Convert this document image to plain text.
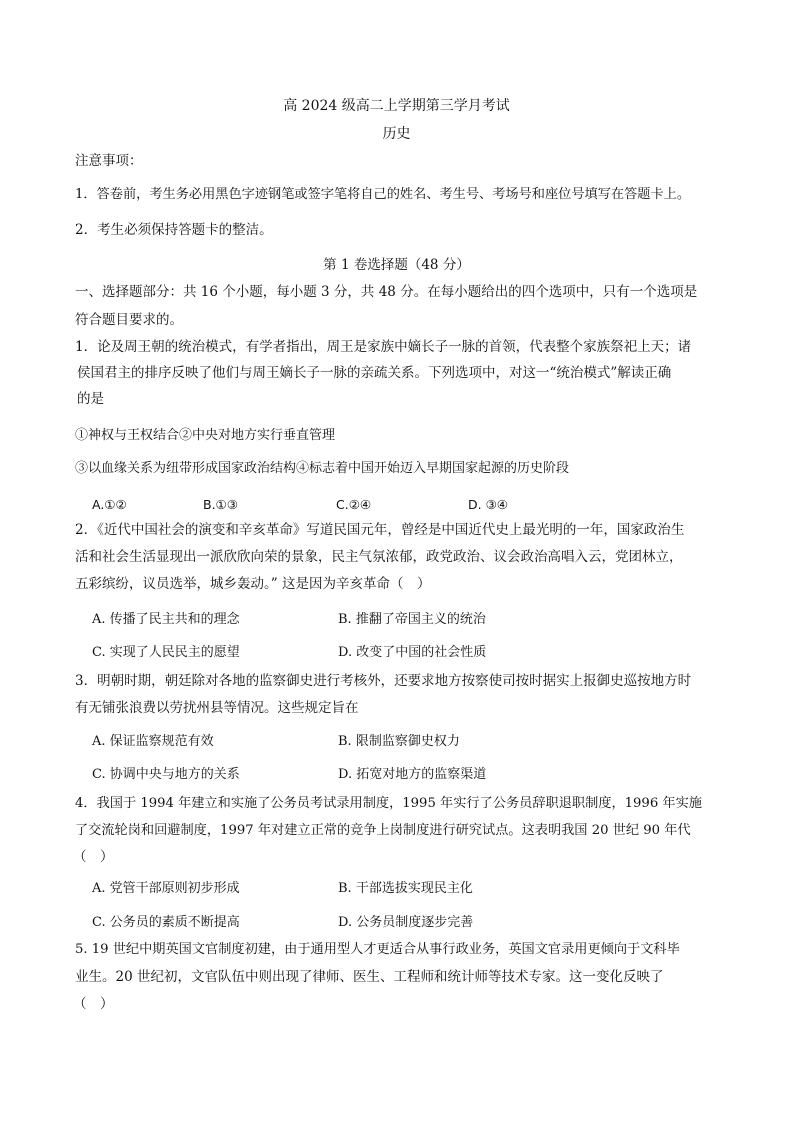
高 2024 级高二上学期第三学月考试
历史
注意事项：
1．答卷前，考生务必用黑色字迹钢笔或签字笔将自己的姓名、考生号、考场号和座位号填写在答题卡上。
2．考生必须保持答题卡的整洁。
第 1 卷选择题（48 分）
一、选择题部分：共 16 个小题，每小题 3 分，共 48 分。在每小题给出的四个选项中，只有一个选项是
符合题目要求的。
1．论及周王朝的统治模式，有学者指出，周王是家族中嫡长子一脉的首领，代表整个家族祭祀上天；诸
侯国君主的排序反映了他们与周王嫡长子一脉的亲疏关系。下列选项中，对这一“统治模式”解读正确
的是
①神权与王权结合②中央对地方实行垂直管理
③以血缘关系为纽带形成国家政治结构④标志着中国开始迈入早期国家起源的历史阶段
A.①②	B.①③	C.②④	D. ③④
2．《近代中国社会的演变和辛亥革命》写道民国元年，曾经是中国近代史上最光明的一年，国家政治生
活和社会生活显现出一派欣欣向荣的景象，民主气氛浓郁，政党政治、议会政治高唱入云，党团林立，
五彩缤纷，议员选举，城乡轰动。” 这是因为辛亥革命（　）
A. 传播了民主共和的理念	B. 推翻了帝国主义的统治
C. 实现了人民民主的愿望	D. 改变了中国的社会性质
3．明朝时期，朝廷除对各地的监察御史进行考核外，还要求地方按察使司按时据实上报御史巡按地方时
有无铺张浪费以劳扰州县等情况。这些规定旨在
A. 保证监察规范有效	B. 限制监察御史权力
C. 协调中央与地方的关系	D. 拓宽对地方的监察渠道
4．我国于 1994 年建立和实施了公务员考试录用制度，1995 年实行了公务员辞职退职制度，1996 年实施
了交流轮岗和回避制度，1997 年对建立正常的竞争上岗制度进行研究试点。这表明我国 20 世纪 90 年代
（　）
A. 党管干部原则初步形成	B. 干部选拔实现民主化
C. 公务员的素质不断提高	D. 公务员制度逐步完善
5. 19 世纪中期英国文官制度初建，由于通用型人才更适合从事行政业务，英国文官录用更倾向于文科毕
业生。20 世纪初，文官队伍中则出现了律师、医生、工程师和统计师等技术专家。这一变化反映了
（　）
